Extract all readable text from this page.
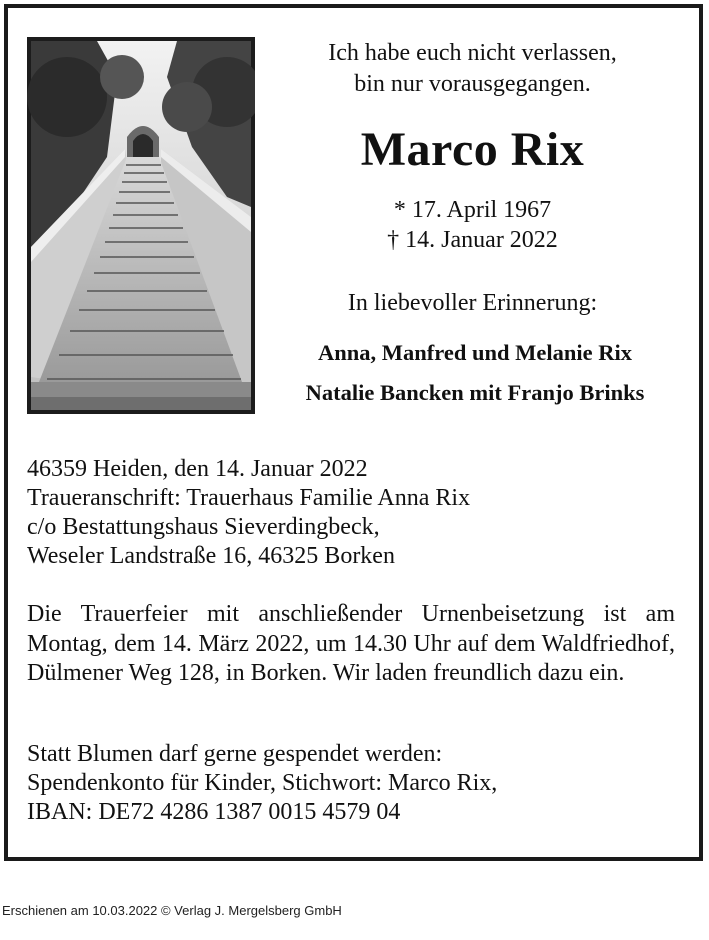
Ich habe euch nicht verlassen,
bin nur vorausgegangen.
Marco Rix
* 17. April 1967
† 14. Januar 2022
In liebevoller Erinnerung:
Anna, Manfred und Melanie Rix
Natalie Bancken mit Franjo Brinks
46359 Heiden, den 14. Januar 2022
Traueranschrift: Trauerhaus Familie Anna Rix
c/o Bestattungshaus Sieverdingbeck,
Weseler Landstraße 16, 46325 Borken
Die Trauerfeier mit anschließender Urnenbeisetzung ist am Montag, dem 14. März 2022, um 14.30 Uhr auf dem Waldfriedhof, Dülmener Weg 128, in Borken. Wir laden freundlich dazu ein.
Statt Blumen darf gerne gespendet werden:
Spendenkonto für Kinder, Stichwort: Marco Rix,
IBAN: DE72 4286 1387 0015 4579 04
Erschienen am 10.03.2022 © Verlag J. Mergelsberg GmbH
